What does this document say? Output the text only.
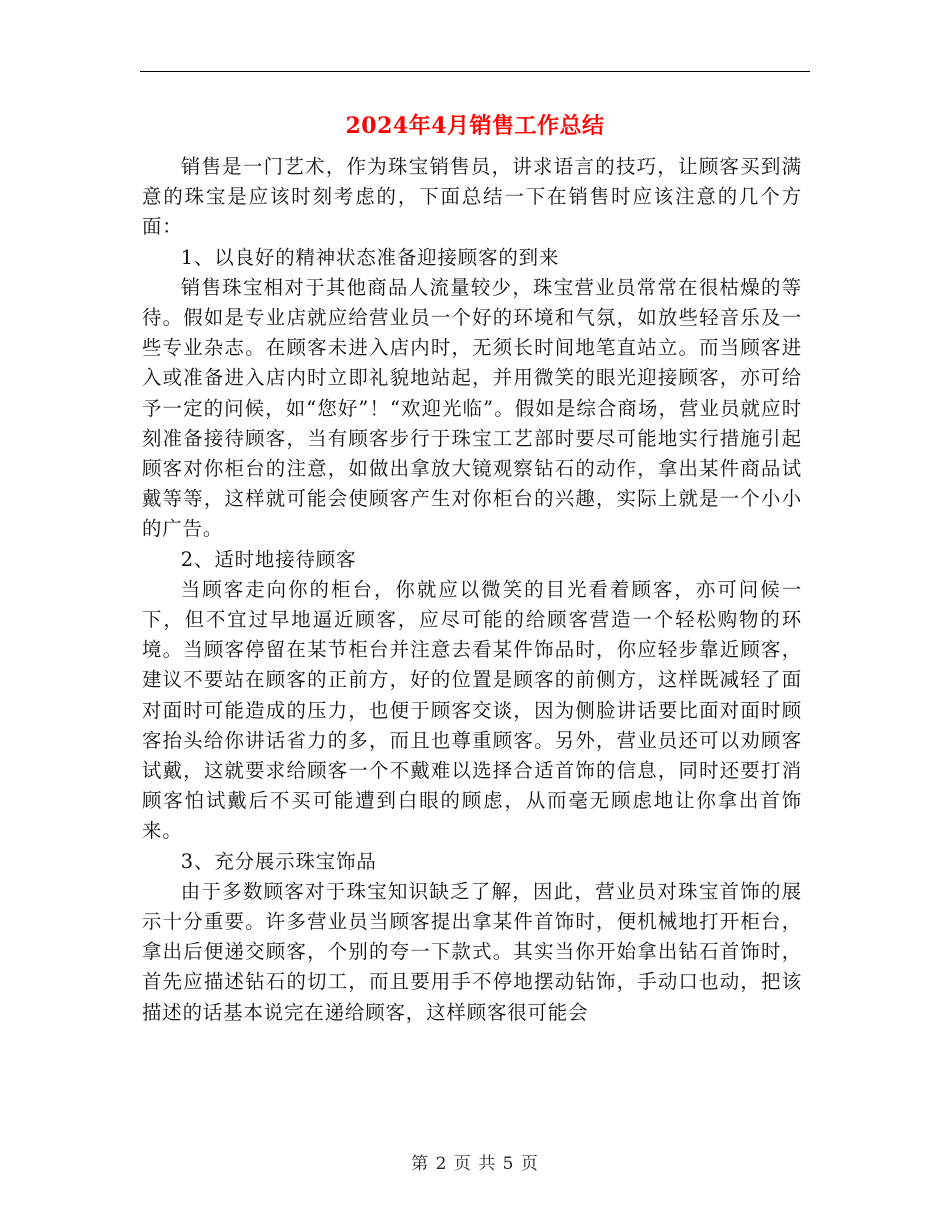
2024年4月销售工作总结

销售是一门艺术，作为珠宝销售员，讲求语言的技巧，让顾客买到满意的珠宝是应该时刻考虑的，下面总结一下在销售时应该注意的几个方面：

1、以良好的精神状态准备迎接顾客的到来

销售珠宝相对于其他商品人流量较少，珠宝营业员常常在很枯燥的等待。假如是专业店就应给营业员一个好的环境和气氛，如放些轻音乐及一些专业杂志。在顾客未进入店内时，无须长时间地笔直站立。而当顾客进入或准备进入店内时立即礼貌地站起，并用微笑的眼光迎接顾客，亦可给予一定的问候，如“您好”！“欢迎光临”。假如是综合商场，营业员就应时刻准备接待顾客，当有顾客步行于珠宝工艺部时要尽可能地实行措施引起顾客对你柜台的注意，如做出拿放大镜观察钻石的动作，拿出某件商品试戴等等，这样就可能会使顾客产生对你柜台的兴趣，实际上就是一个小小的广告。

2、适时地接待顾客

当顾客走向你的柜台，你就应以微笑的目光看着顾客，亦可问候一下，但不宜过早地逼近顾客，应尽可能的给顾客营造一个轻松购物的环境。当顾客停留在某节柜台并注意去看某件饰品时，你应轻步靠近顾客，建议不要站在顾客的正前方，好的位置是顾客的前侧方，这样既减轻了面对面时可能造成的压力，也便于顾客交谈，因为侧脸讲话要比面对面时顾客抬头给你讲话省力的多，而且也尊重顾客。另外，营业员还可以劝顾客试戴，这就要求给顾客一个不戴难以选择合适首饰的信息，同时还要打消顾客怕试戴后不买可能遭到白眼的顾虑，从而毫无顾虑地让你拿出首饰来。

3、充分展示珠宝饰品

由于多数顾客对于珠宝知识缺乏了解，因此，营业员对珠宝首饰的展示十分重要。许多营业员当顾客提出拿某件首饰时，便机械地打开柜台，拿出后便递交顾客，个别的夸一下款式。其实当你开始拿出钻石首饰时，首先应描述钻石的切工，而且要用手不停地摆动钻饰，手动口也动，把该描述的话基本说完在递给顾客，这样顾客很可能会

第 2 页 共 5 页
